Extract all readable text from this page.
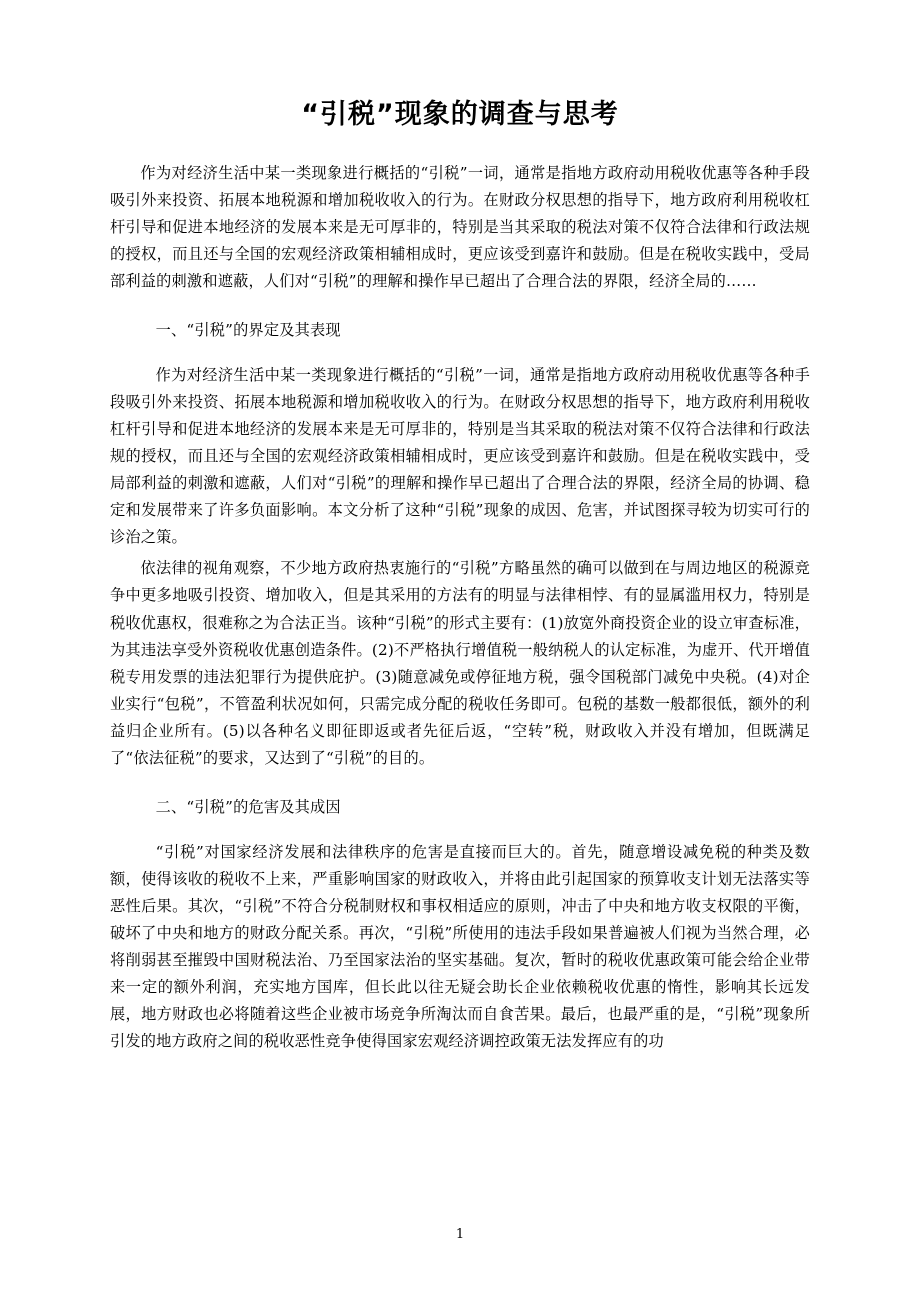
“引税”现象的调查与思考

作为对经济生活中某一类现象进行概括的“引税”一词，通常是指地方政府动用税收优惠等各种手段吸引外来投资、拓展本地税源和增加税收收入的行为。在财政分权思想的指导下，地方政府利用税收杠杆引导和促进本地经济的发展本来是无可厚非的，特别是当其采取的税法对策不仅符合法律和行政法规的授权，而且还与全国的宏观经济政策相辅相成时，更应该受到嘉许和鼓励。但是在税收实践中，受局部利益的刺激和遮蔽，人们对“引税”的理解和操作早已超出了合理合法的界限，经济全局的……

一、“引税”的界定及其表现

作为对经济生活中某一类现象进行概括的“引税”一词，通常是指地方政府动用税收优惠等各种手段吸引外来投资、拓展本地税源和增加税收收入的行为。在财政分权思想的指导下，地方政府利用税收杠杆引导和促进本地经济的发展本来是无可厚非的，特别是当其采取的税法对策不仅符合法律和行政法规的授权，而且还与全国的宏观经济政策相辅相成时，更应该受到嘉许和鼓励。但是在税收实践中，受局部利益的刺激和遮蔽，人们对“引税”的理解和操作早已超出了合理合法的界限，经济全局的协调、稳定和发展带来了许多负面影响。本文分析了这种“引税”现象的成因、危害，并试图探寻较为切实可行的诊治之策。

依法律的视角观察，不少地方政府热衷施行的“引税”方略虽然的确可以做到在与周边地区的税源竞争中更多地吸引投资、增加收入，但是其采用的方法有的明显与法律相悖、有的显属滥用权力，特别是税收优惠权，很难称之为合法正当。该种“引税”的形式主要有：(1)放宽外商投资企业的设立审查标准，为其违法享受外资税收优惠创造条件。(2)不严格执行增值税一般纳税人的认定标准，为虚开、代开增值税专用发票的违法犯罪行为提供庇护。(3)随意减免或停征地方税，强令国税部门减免中央税。(4)对企业实行“包税”，不管盈利状况如何，只需完成分配的税收任务即可。包税的基数一般都很低，额外的利益归企业所有。(5)以各种名义即征即返或者先征后返，“空转”税，财政收入并没有增加，但既满足了“依法征税”的要求，又达到了“引税”的目的。

二、“引税”的危害及其成因

“引税”对国家经济发展和法律秩序的危害是直接而巨大的。首先，随意增设减免税的种类及数额，使得该收的税收不上来，严重影响国家的财政收入，并将由此引起国家的预算收支计划无法落实等恶性后果。其次，“引税”不符合分税制财权和事权相适应的原则，冲击了中央和地方收支权限的平衡，破坏了中央和地方的财政分配关系。再次，“引税”所使用的违法手段如果普遍被人们视为当然合理，必将削弱甚至摧毁中国财税法治、乃至国家法治的坚实基础。复次，暂时的税收优惠政策可能会给企业带来一定的额外利润，充实地方国库，但长此以往无疑会助长企业依赖税收优惠的惰性，影响其长远发展，地方财政也必将随着这些企业被市场竞争所淘汰而自食苦果。最后，也最严重的是，“引税”现象所引发的地方政府之间的税收恶性竞争使得国家宏观经济调控政策无法发挥应有的功

1
